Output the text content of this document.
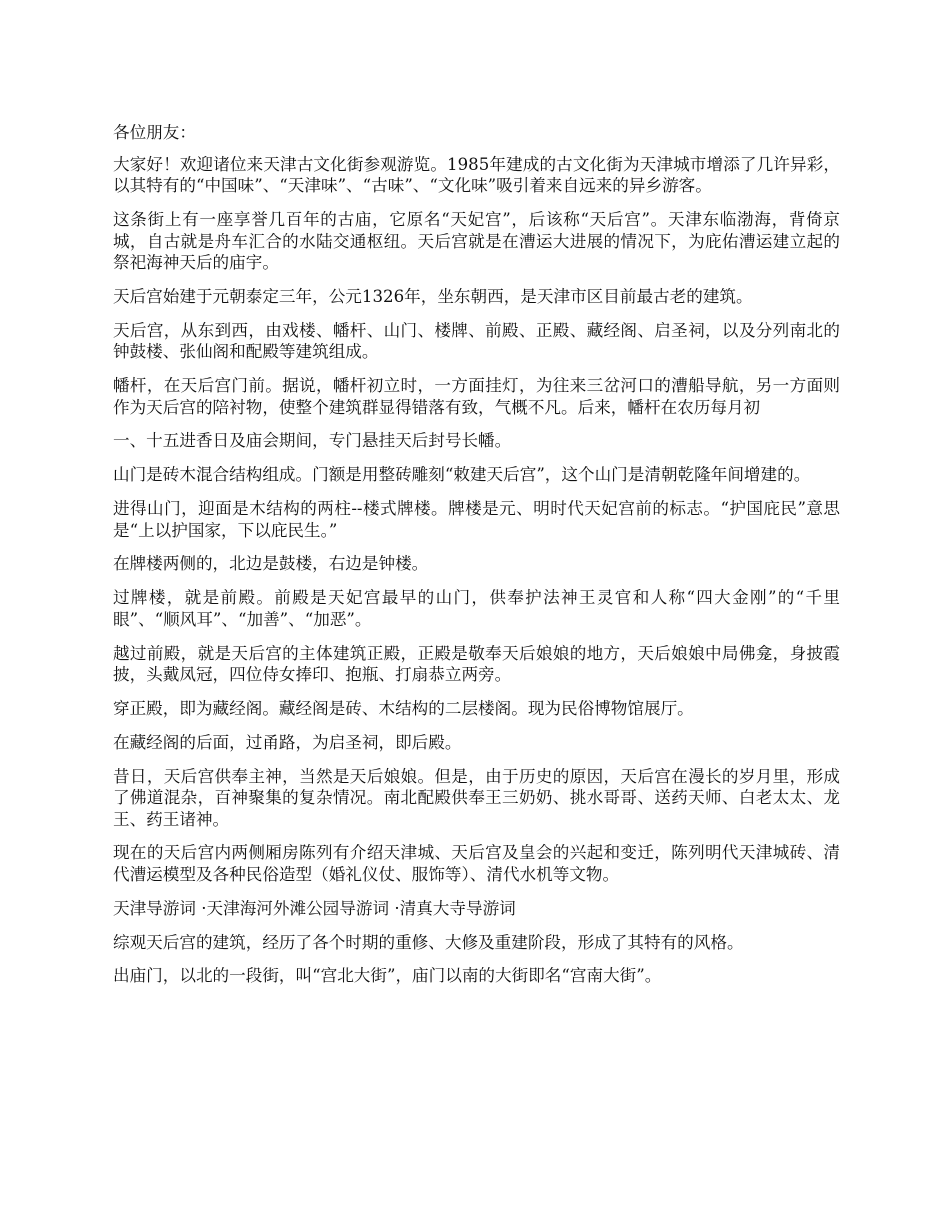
各位朋友：

大家好！欢迎诸位来天津古文化街参观游览。1985年建成的古文化街为天津城市增添了几许异彩，以其特有的“中国味”、“天津味”、“古味”、“文化味”吸引着来自远来的异乡游客。

这条街上有一座享誉几百年的古庙，它原名“天妃宫”，后该称“天后宫”。天津东临渤海，背倚京城，自古就是舟车汇合的水陆交通枢纽。天后宫就是在漕运大进展的情况下，为庇佑漕运建立起的祭祀海神天后的庙宇。

天后宫始建于元朝泰定三年，公元1326年，坐东朝西，是天津市区目前最古老的建筑。

天后宫，从东到西，由戏楼、幡杆、山门、楼牌、前殿、正殿、藏经阁、启圣祠，以及分列南北的钟鼓楼、张仙阁和配殿等建筑组成。

幡杆，在天后宫门前。据说，幡杆初立时，一方面挂灯，为往来三岔河口的漕船导航，另一方面则作为天后宫的陪衬物，使整个建筑群显得错落有致，气概不凡。后来，幡杆在农历每月初

一、十五进香日及庙会期间，专门悬挂天后封号长幡。

山门是砖木混合结构组成。门额是用整砖雕刻“敕建天后宫”，这个山门是清朝乾隆年间增建的。

进得山门，迎面是木结构的两柱--楼式牌楼。牌楼是元、明时代天妃宫前的标志。“护国庇民”意思是“上以护国家，下以庇民生。”

在牌楼两侧的，北边是鼓楼，右边是钟楼。

过牌楼，就是前殿。前殿是天妃宫最早的山门，供奉护法神王灵官和人称“四大金刚”的“千里眼”、“顺风耳”、“加善”、“加恶”。

越过前殿，就是天后宫的主体建筑正殿，正殿是敬奉天后娘娘的地方，天后娘娘中局佛龛，身披霞披，头戴凤冠，四位侍女捧印、抱瓶、打扇恭立两旁。

穿正殿，即为藏经阁。藏经阁是砖、木结构的二层楼阁。现为民俗博物馆展厅。

在藏经阁的后面，过甬路，为启圣祠，即后殿。

昔日，天后宫供奉主神，当然是天后娘娘。但是，由于历史的原因，天后宫在漫长的岁月里，形成了佛道混杂，百神聚集的复杂情况。南北配殿供奉王三奶奶、挑水哥哥、送药天师、白老太太、龙王、药王诸神。

现在的天后宫内两侧厢房陈列有介绍天津城、天后宫及皇会的兴起和变迁，陈列明代天津城砖、清代漕运模型及各种民俗造型（婚礼仪仗、服饰等）、清代水机等文物。

天津导游词 ·天津海河外滩公园导游词 ·清真大寺导游词

综观天后宫的建筑，经历了各个时期的重修、大修及重建阶段，形成了其特有的风格。

出庙门，以北的一段街，叫“宫北大街”，庙门以南的大街即名“宫南大街”。
